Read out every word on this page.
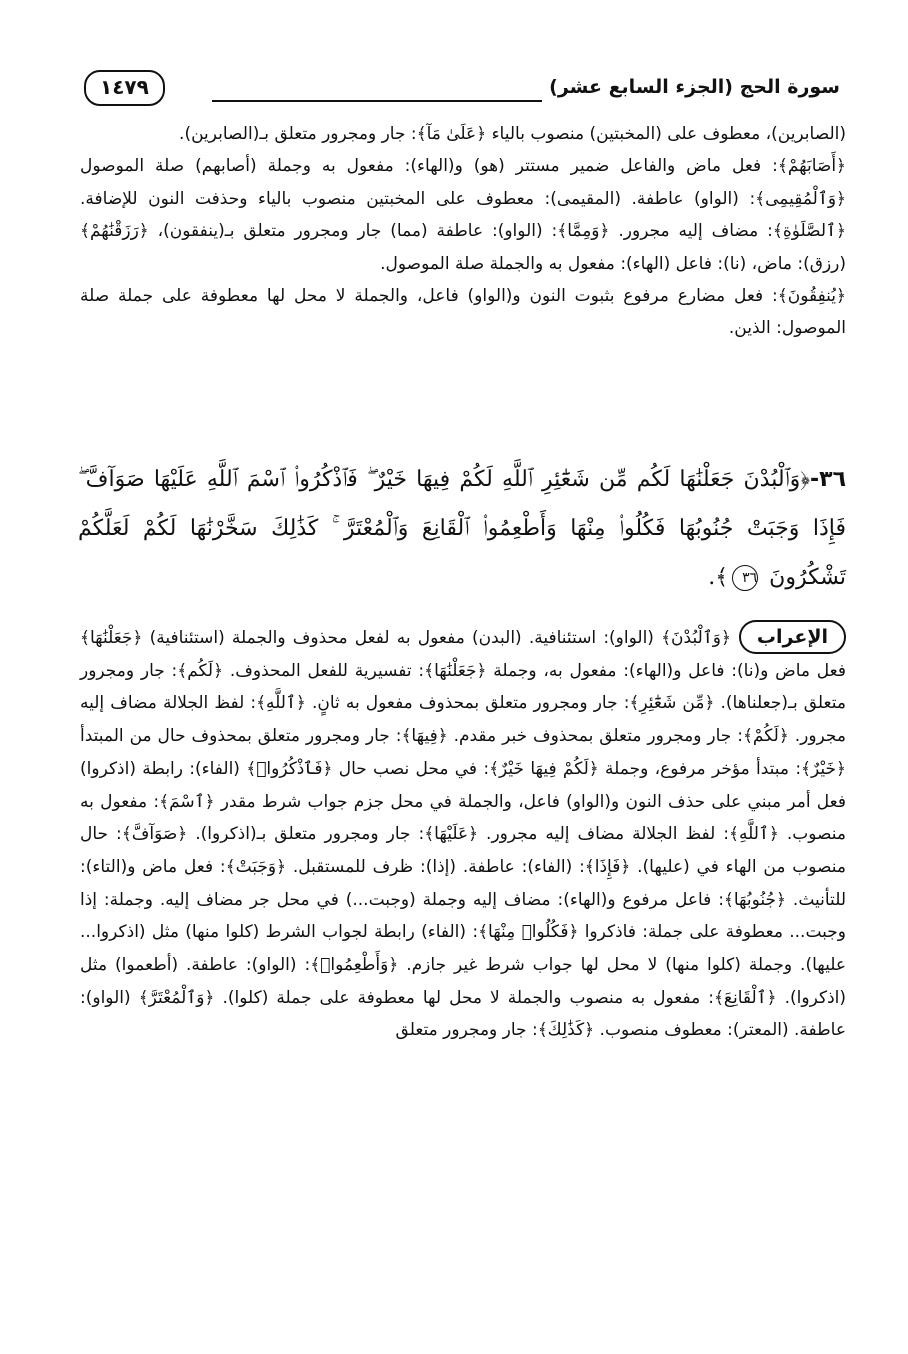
سورة الحج (الجزء السابع عشر)
١٤٧٩

(الصابرين)، معطوف على (المخبتين) منصوب بالياء ﴿عَلَىٰ مَآ﴾: جار ومجرور متعلق بـ(الصابرين).

﴿أَصَابَهُمْ﴾: فعل ماض والفاعل ضمير مستتر (هو) و(الهاء): مفعول به وجملة (أصابهم) صلة الموصول ﴿وَٱلْمُقِيمِى﴾: (الواو) عاطفة. (المقيمى): معطوف على المخبتين منصوب بالياء وحذفت النون للإضافة. ﴿ٱلصَّلَوٰةِ﴾: مضاف إليه مجرور. ﴿وَمِمَّا﴾: (الواو): عاطفة (مما) جار ومجرور متعلق بـ(ينفقون)، ﴿رَزَقْنَٰهُمْ﴾ (رزق): ماض، (نا): فاعل (الهاء): مفعول به والجملة صلة الموصول.

﴿يُنفِقُونَ﴾: فعل مضارع مرفوع بثبوت النون و(الواو) فاعل، والجملة لا محل لها معطوفة على جملة صلة الموصول: الذين.

٣٦-﴿وَٱلْبُدْنَ جَعَلْنَٰهَا لَكُم مِّن شَعَٰٓئِرِ ٱللَّهِ لَكُمْ فِيهَا خَيْرٌ ۖ فَٱذْكُرُوا۟ ٱسْمَ ٱللَّهِ عَلَيْهَا صَوَآفَّ ۖ فَإِذَا وَجَبَتْ جُنُوبُهَا فَكُلُوا۟ مِنْهَا وَأَطْعِمُوا۟ ٱلْقَانِعَ وَٱلْمُعْتَرَّ ۚ كَذَٰلِكَ سَخَّرْنَٰهَا لَكُمْ لَعَلَّكُمْ تَشْكُرُونَ ٣٦﴾.

الإعراب﴿وَٱلْبُدْنَ﴾ (الواو): استئنافية. (البدن) مفعول به لفعل محذوف والجملة (استئنافية) ﴿جَعَلْنَٰهَا﴾ فعل ماض و(نا): فاعل و(الهاء): مفعول به، وجملة ﴿جَعَلْنَٰهَا﴾: تفسيرية للفعل المحذوف. ﴿لَكُم﴾: جار ومجرور متعلق بـ(جعلناها). ﴿مِّن شَعَٰٓئِرِ﴾: جار ومجرور متعلق بمحذوف مفعول به ثانٍ. ﴿ٱللَّهِ﴾: لفظ الجلالة مضاف إليه مجرور. ﴿لَكُمْ﴾: جار ومجرور متعلق بمحذوف خبر مقدم. ﴿فِيهَا﴾: جار ومجرور متعلق بمحذوف حال من المبتدأ ﴿خَيْرٌ﴾: مبتدأ مؤخر مرفوع، وجملة ﴿لَكُمْ فِيهَا خَيْرٌ﴾: في محل نصب حال ﴿فَٱذْكُرُوا۟﴾ (الفاء): رابطة (اذكروا) فعل أمر مبني على حذف النون و(الواو) فاعل، والجملة في محل جزم جواب شرط مقدر ﴿ٱسْمَ﴾: مفعول به منصوب. ﴿ٱللَّهِ﴾: لفظ الجلالة مضاف إليه مجرور. ﴿عَلَيْهَا﴾: جار ومجرور متعلق بـ(اذكروا). ﴿صَوَآفَّ﴾: حال منصوب من الهاء في (عليها). ﴿فَإِذَا﴾: (الفاء): عاطفة. (إذا): ظرف للمستقبل. ﴿وَجَبَتْ﴾: فعل ماض و(التاء): للتأنيث. ﴿جُنُوبُهَا﴾: فاعل مرفوع و(الهاء): مضاف إليه وجملة (وجبت...) في محل جر مضاف إليه. وجملة: إذا وجبت... معطوفة على جملة: فاذكروا ﴿فَكُلُوا۟ مِنْهَا﴾: (الفاء) رابطة لجواب الشرط (كلوا منها) مثل (اذكروا... عليها). وجملة (كلوا منها) لا محل لها جواب شرط غير جازم. ﴿وَأَطْعِمُوا۟﴾: (الواو): عاطفة. (أطعموا) مثل (اذكروا). ﴿ٱلْقَانِعَ﴾: مفعول به منصوب والجملة لا محل لها معطوفة على جملة (كلوا). ﴿وَٱلْمُعْتَرَّ﴾ (الواو): عاطفة. (المعتر): معطوف منصوب. ﴿كَذَٰلِكَ﴾: جار ومجرور متعلق
